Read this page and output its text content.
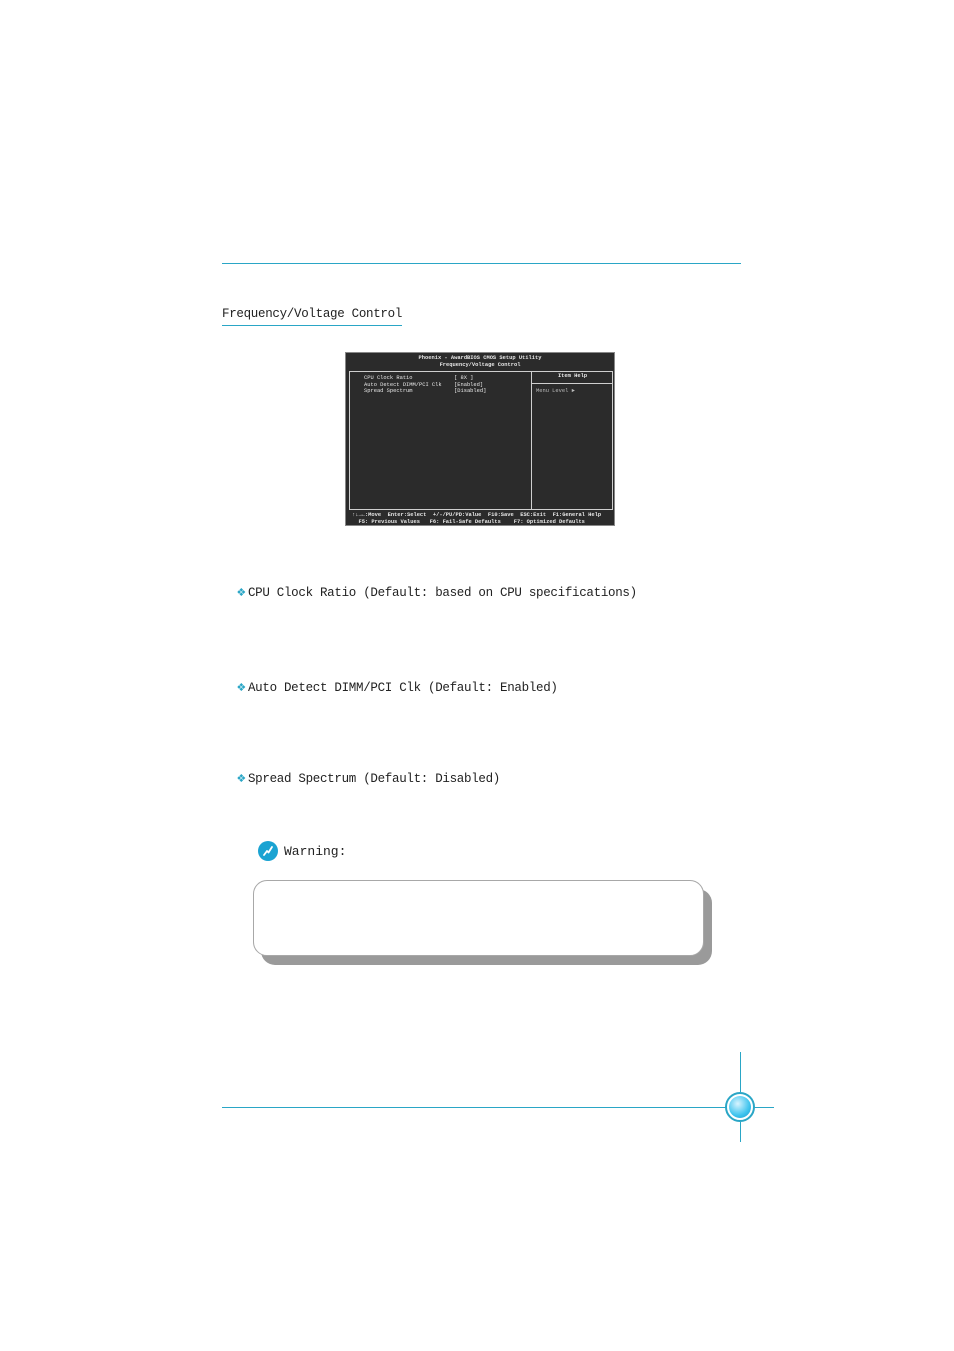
Frequency/Voltage Control
Phoenix - AwardBIOS CMOS Setup Utility
Frequency/Voltage Control
CPU Clock Ratio	[ 8X ]
Auto Detect DIMM/PCI Clk [Enabled]
Spread Spectrum	[Disabled]
Item Help
Menu Level ►
↑↓→←:Move  Enter:Select  +/-/PU/PD:Value  F10:Save  ESC:Exit  F1:General Help
F5: Previous Values   F6: Fail-Safe Defaults    F7: Optimized Defaults

❖ CPU Clock Ratio (Default: based on CPU specifications)

❖ Auto Detect DIMM/PCI Clk (Default: Enabled)

❖ Spread Spectrum (Default: Disabled)

Warning:
